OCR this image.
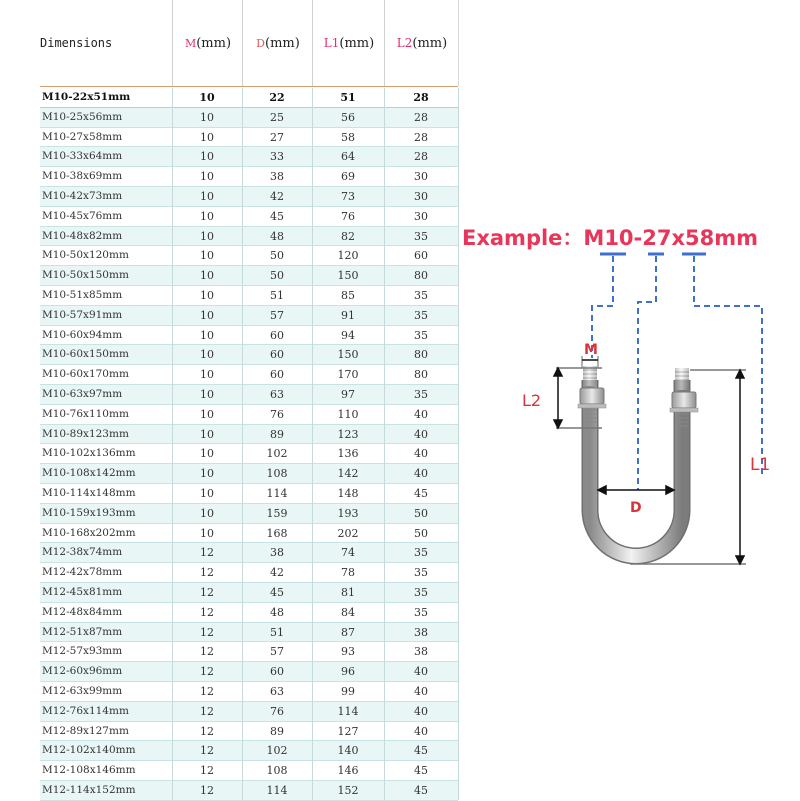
Dimensions	M (mm) D (mm) L1 (mm) L2 (mm)
M10-22x51mm	10	22	51	28
M10-25x56mm	10	25	56	28
M10-27x58mm	10	27	58	28
M10-33x64mm	10	33	64	28
M10-38x69mm	10	38	69	30
M10-42x73mm	10	42	73	30
M10-45x76mm	10	45	76	30
M10-48x82mm	10	48	82	35
M10-50x120mm	10	50	120	60
M10-50x150mm	10	50	150	80
M10-51x85mm	10	51	85	35
M10-57x91mm	10	57	91	35
M10-60x94mm	10	60	94	35
M10-60x150mm	10	60	150	80
M10-60x170mm	10	60	170	80
M10-63x97mm	10	63	97	35
M10-76x110mm	10	76	110	40
M10-89x123mm	10	89	123	40
M10-102x136mm	10	102	136	40
M10-108x142mm	10	108	142	40
M10-114x148mm	10	114	148	45
M10-159x193mm	10	159	193	50
M10-168x202mm	10	168	202	50
M12-38x74mm	12	38	74	35
M12-42x78mm	12	42	78	35
M12-45x81mm	12	45	81	35
M12-48x84mm	12	48	84	35
M12-51x87mm	12	51	87	38
M12-57x93mm	12	57	93	38
M12-60x96mm	12	60	96	40
M12-63x99mm	12	63	99	40
M12-76x114mm	12	76	114	40
M12-89x127mm	12	89	127	40
M12-102x140mm	12	102	140	45
M12-108x146mm	12	108	146	45
M12-114x152mm	12	114	152	45
Example：M10-27x58mm
M
L2
D
L1
